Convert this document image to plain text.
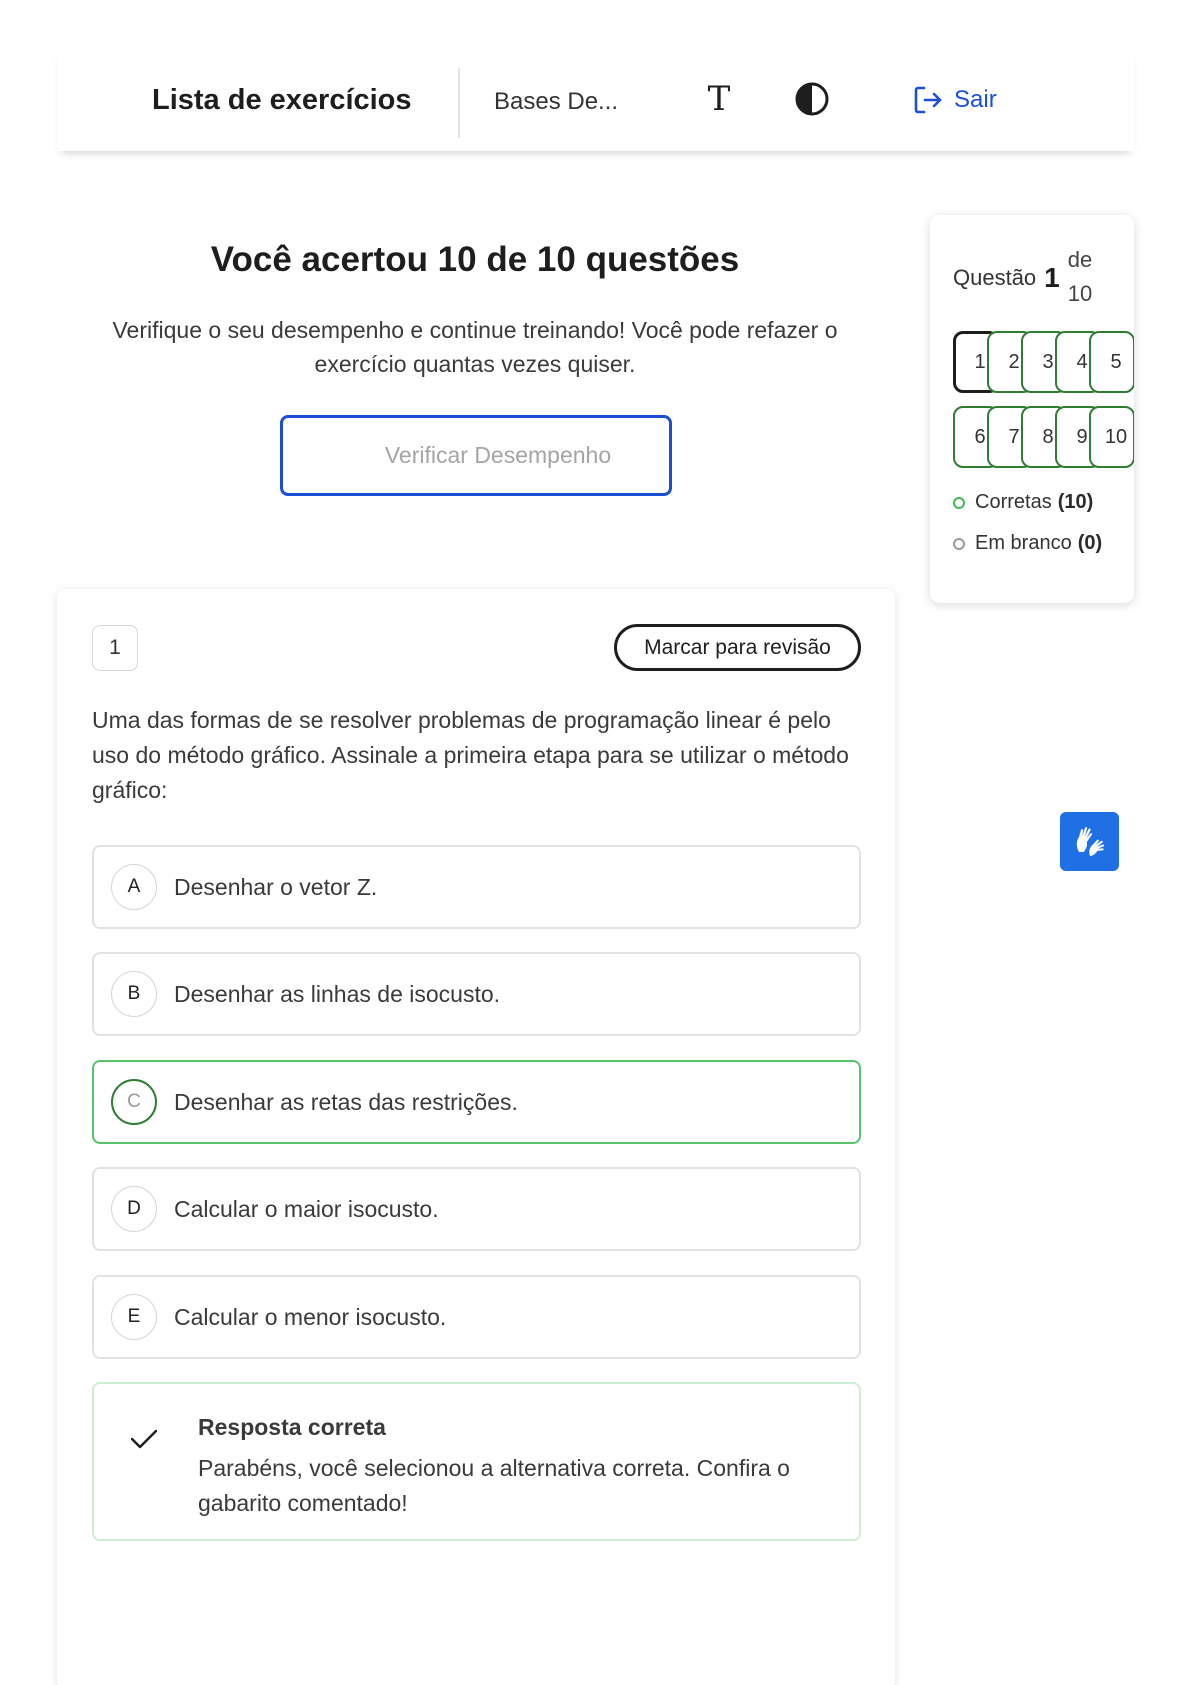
Lista de exercícios	Bases De...	T	Sair
Você acertou 10 de 10 questões
Verifique o seu desempenho e continue treinando! Você pode refazer o exercício quantas vezes quiser.
Verificar Desempenho
Questão 1
de
10
1	2	3	4	5
6	7	8	9 10
Corretas (10)
Em branco (0)
1	Marcar para revisão
Uma das formas de se resolver problemas de programação linear é pelo uso do método gráfico. Assinale a primeira etapa para se utilizar o método gráfico:
A	Desenhar o vetor Z.
B	Desenhar as linhas de isocusto.
C	Desenhar as retas das restrições.
D	Calcular o maior isocusto.
E	Calcular o menor isocusto.
Resposta correta
Parabéns, você selecionou a alternativa correta. Confira o gabarito comentado!
